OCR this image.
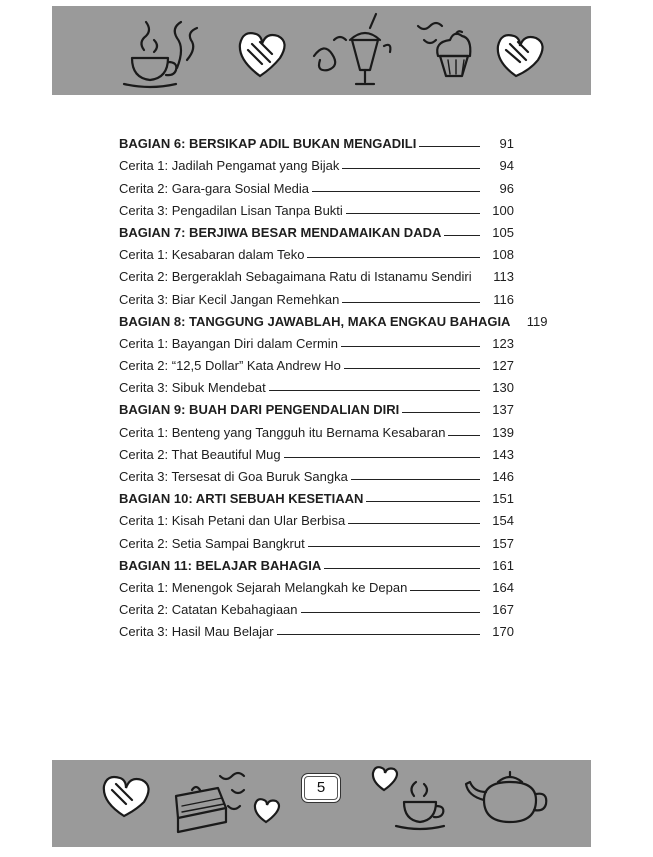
BAGIAN 6: BERSIKAP ADIL BUKAN MENGADILI	91
Cerita 1: Jadilah Pengamat yang Bijak	94
Cerita 2: Gara-gara Sosial Media	96
Cerita 3: Pengadilan Lisan Tanpa Bukti	100
BAGIAN 7: BERJIWA BESAR MENDAMAIKAN DADA	105
Cerita 1: Kesabaran dalam Teko	108
Cerita 2: Bergeraklah Sebagaimana Ratu di Istanamu Sendiri	113
Cerita 3: Biar Kecil Jangan Remehkan	116
BAGIAN 8: TANGGUNG JAWABLAH, MAKA ENGKAU BAHAGIA	119
Cerita 1: Bayangan Diri dalam Cermin	123
Cerita 2: “12,5 Dollar” Kata Andrew Ho	127
Cerita 3: Sibuk Mendebat	130
BAGIAN 9: BUAH DARI PENGENDALIAN DIRI	137
Cerita 1: Benteng yang Tangguh itu Bernama Kesabaran	139
Cerita 2: That Beautiful Mug	143
Cerita 3: Tersesat di Goa Buruk Sangka	146
BAGIAN 10: ARTI SEBUAH KESETIAAN	151
Cerita 1: Kisah Petani dan Ular Berbisa	154
Cerita 2: Setia Sampai Bangkrut	157
BAGIAN 11: BELAJAR BAHAGIA	161
Cerita 1: Menengok Sejarah Melangkah ke Depan	164
Cerita 2: Catatan Kebahagiaan	167
Cerita 3: Hasil Mau Belajar	170
5
